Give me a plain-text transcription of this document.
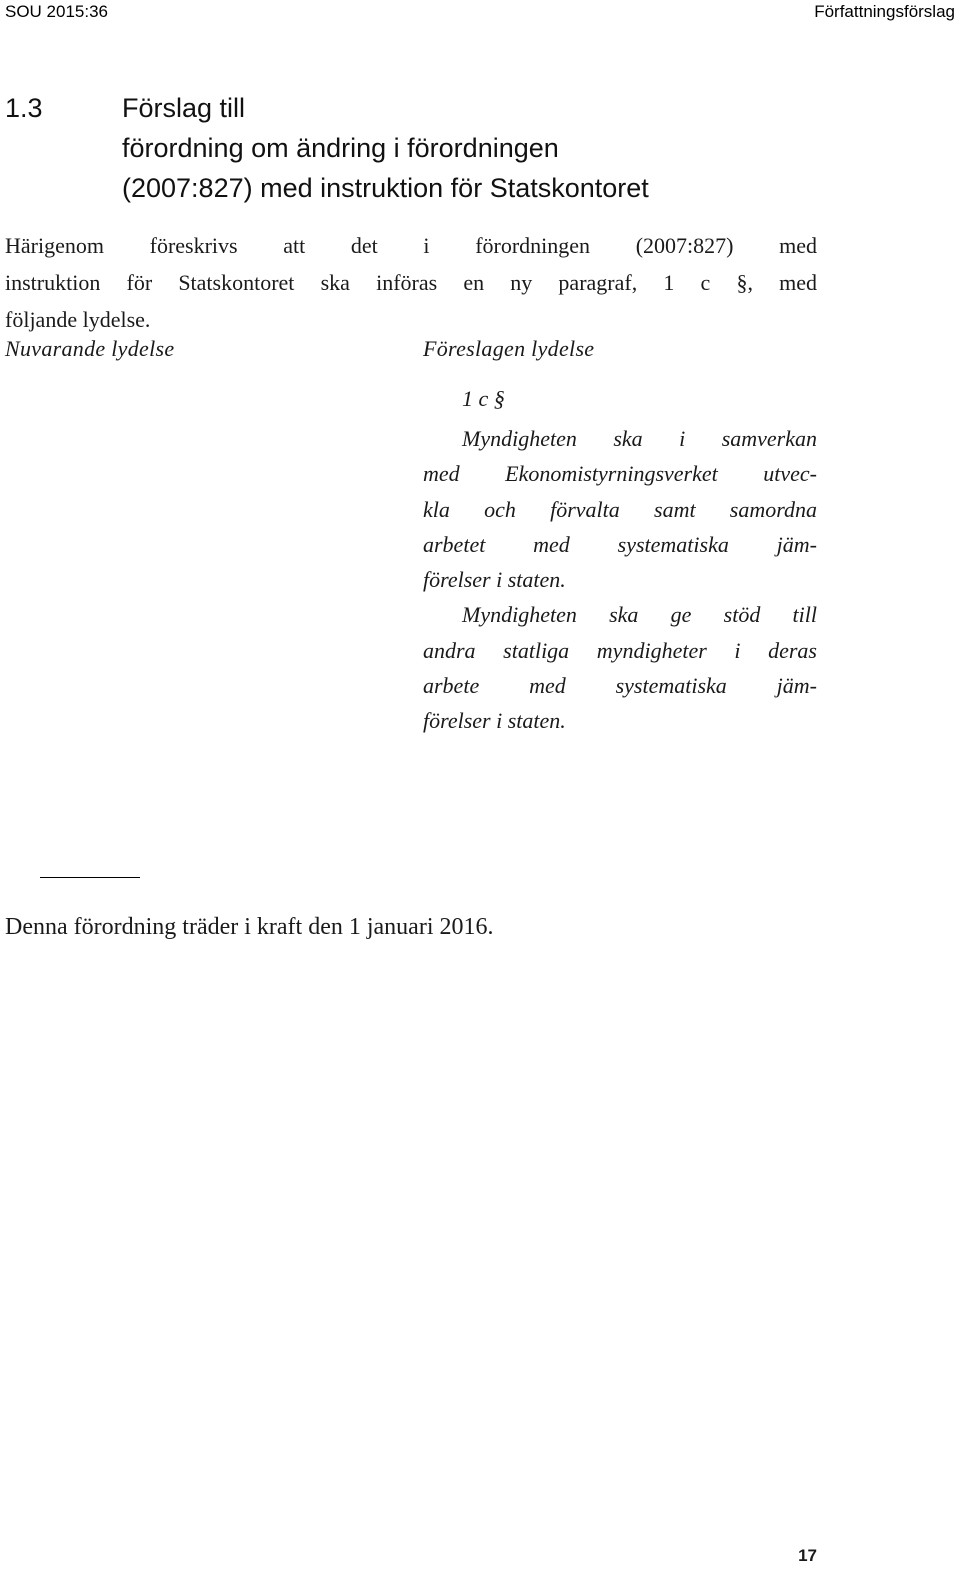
SOU 2015:36	Författningsförslag
1.3	Förslag till
förordning om ändring i förordningen
(2007:827) med instruktion för Statskontoret
Härigenom föreskrivs att det i förordningen (2007:827) med
instruktion för Statskontoret ska införas en ny paragraf, 1 c §, med
följande lydelse.
Nuvarande lydelse	Föreslagen lydelse
1 c §
Myndigheten ska i samverkan
med Ekonomistyrningsverket utvec-
kla och förvalta samt samordna
arbetet med systematiska jäm-
förelser i staten.
Myndigheten ska ge stöd till
andra statliga myndigheter i deras
arbete med systematiska jäm-
förelser i staten.
Denna förordning träder i kraft den 1 januari 2016.
17
